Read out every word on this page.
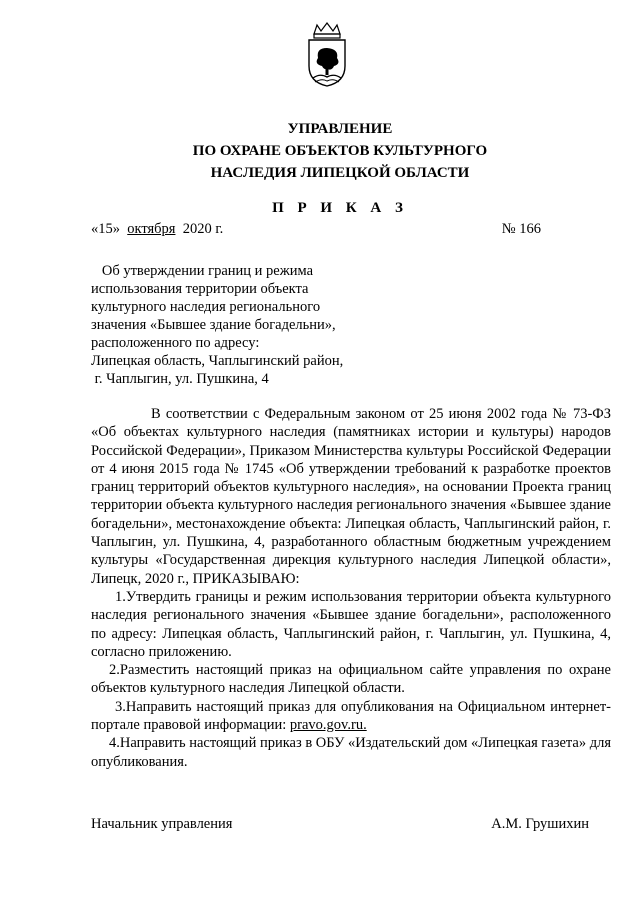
УПРАВЛЕНИЕ
ПО ОХРАНЕ ОБЪЕКТОВ КУЛЬТУРНОГО
НАСЛЕДИЯ ЛИПЕЦКОЙ ОБЛАСТИ
П Р И К А З
«15» октября 2020 г.	№ 166
Об утверждении границ и режима
использования территории объекта
культурного наследия регионального
значения «Бывшее здание богадельни»,
расположенного по адресу:
Липецкая область, Чаплыгинский район,
г. Чаплыгин, ул. Пушкина, 4

В соответствии с Федеральным законом от 25 июня 2002 года № 73-ФЗ «Об объектах культурного наследия (памятниках истории и культуры) народов Российской Федерации», Приказом Министерства культуры Российской Федерации от 4 июня 2015 года № 1745 «Об утверждении требований к разработке проектов границ территорий объектов культурного наследия», на основании Проекта границ территории объекта культурного наследия регионального значения «Бывшее здание богадельни», местонахождение объекта: Липецкая область, Чаплыгинский район, г. Чаплыгин, ул. Пушкина, 4, разработанного областным бюджетным учреждением культуры «Государственная дирекция культурного наследия Липецкой области», Липецк, 2020 г., ПРИКАЗЫВАЮ:

1.Утвердить границы и режим использования территории объекта культурного наследия регионального значения «Бывшее здание богадельни», расположенного по адресу: Липецкая область, Чаплыгинский район, г. Чаплыгин, ул. Пушкина, 4, согласно приложению.

2.Разместить настоящий приказ на официальном сайте управления по охране объектов культурного наследия Липецкой области.

3.Направить настоящий приказ для опубликования на Официальном интернет-портале правовой информации: pravo.gov.ru.

4.Направить настоящий приказ в ОБУ «Издательский дом «Липецкая газета» для опубликования.

Начальник управления	А.М. Грушихин
